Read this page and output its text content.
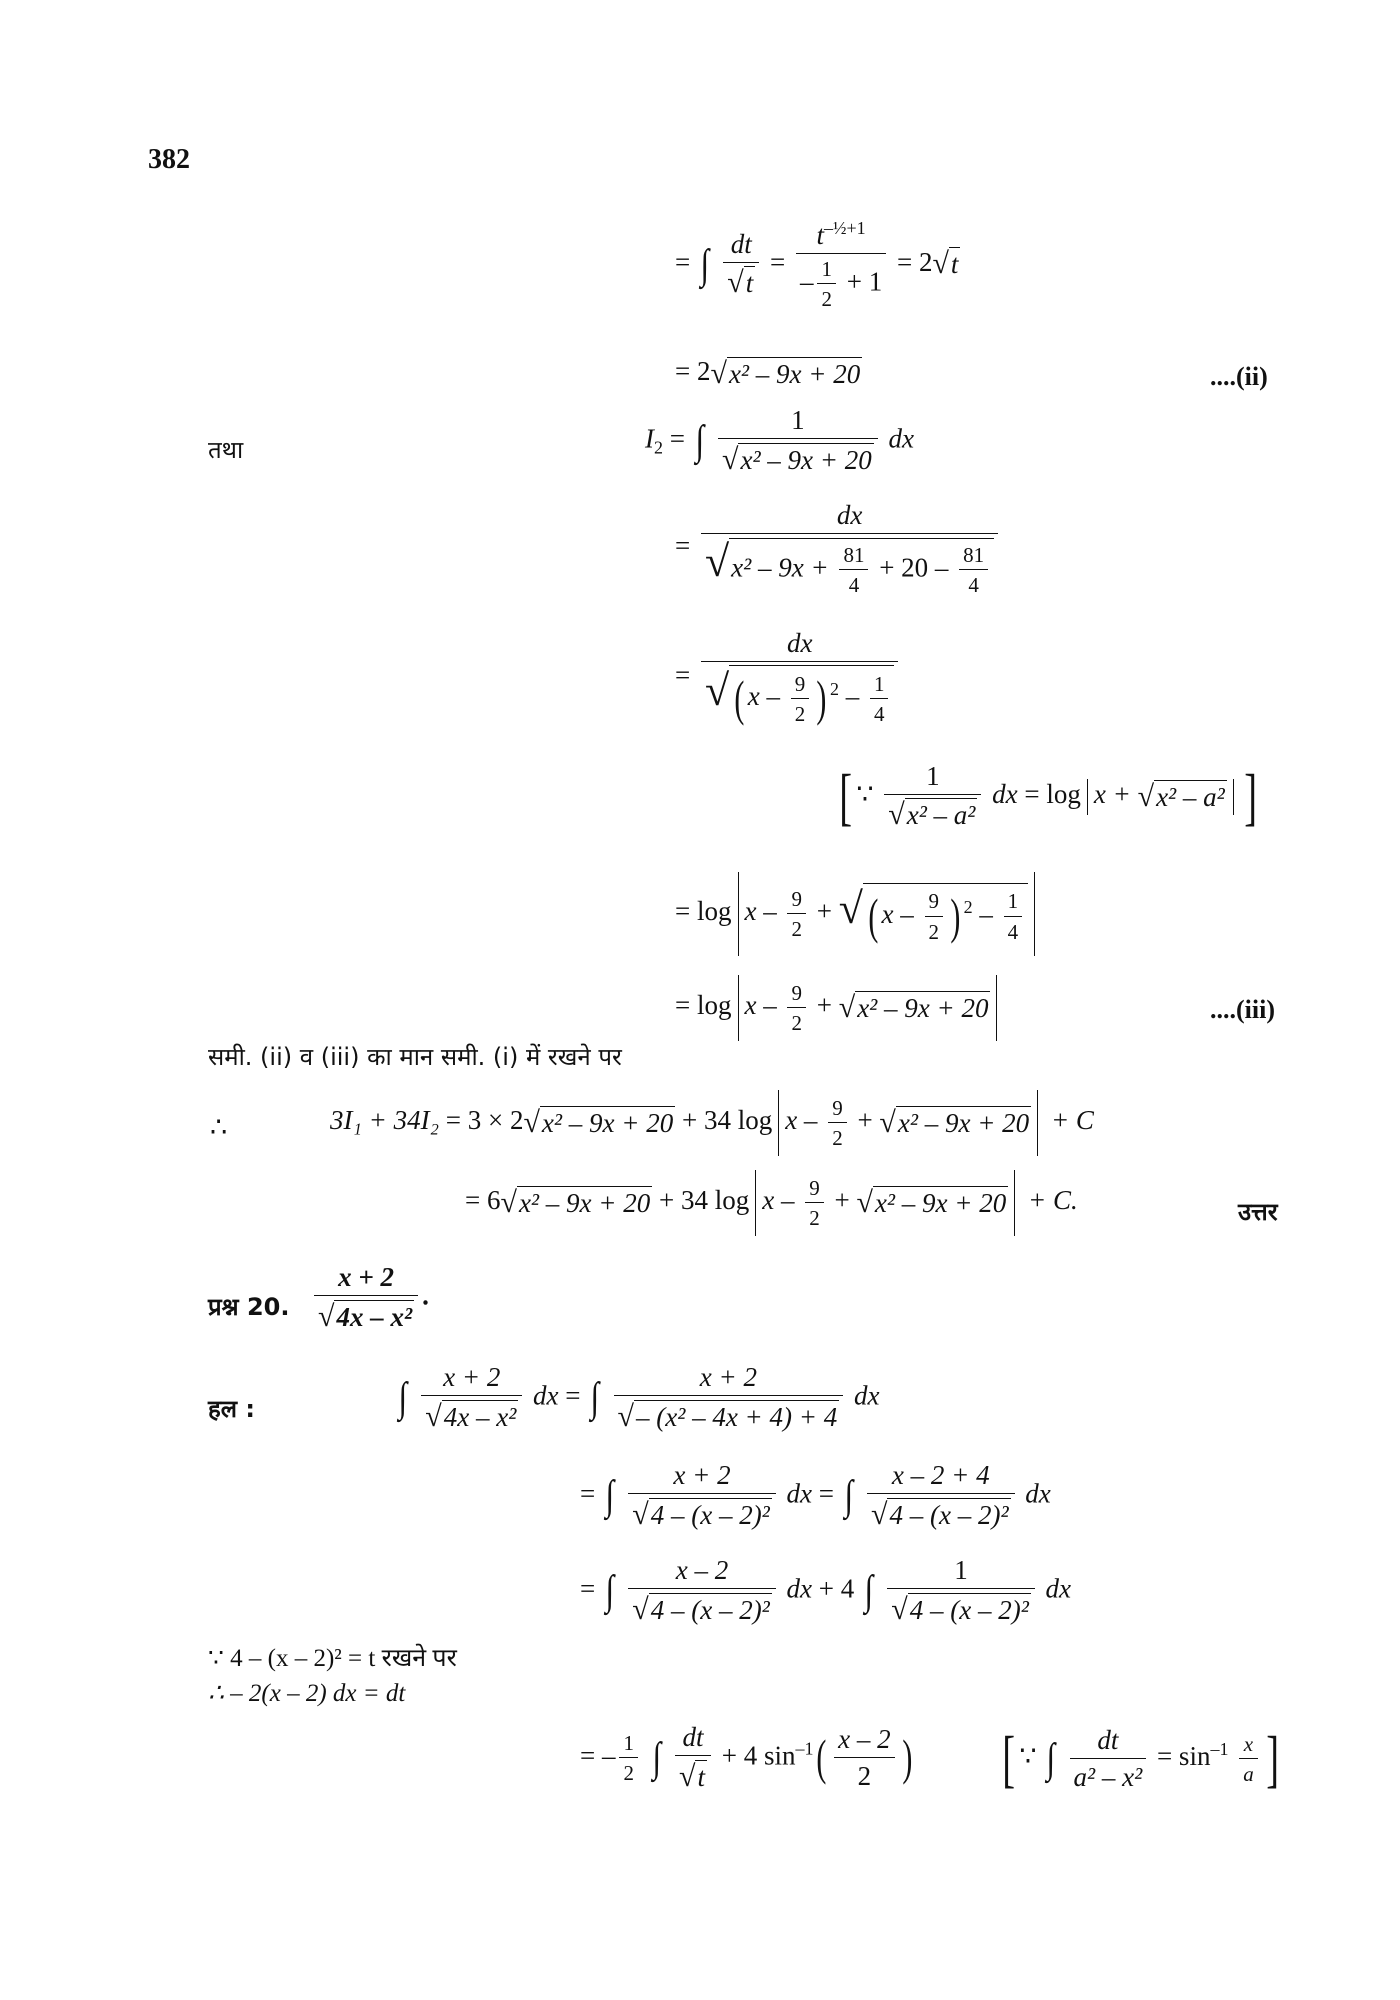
382
= ∫ $\frac{dt}{√t} = \frac{t^{-\frac{1}{2}+1}}{- \frac{1}{2} + 1} = 2√t$
= 2√x² – 9x + 20	....(ii)
तथा	$I_2$ = ∫ $\frac{1}{\text{√x² – 9x + 20}}$ dx
= $\frac{dx}{√x^2 - 9x + \frac{81}{4} + 20 - \frac{81}{4}}$
= $\frac{dx}{√ ( x - \frac{9}{2} ) ^2 - \frac{1}{4}}$
[ ∵ $\frac{1}{\text{√x² – a²}}$ dx = log x + √x² – a² ]
= log x – $\frac{9}{2}$ + √ ( x – $\frac{9}{2}$ ) $^2 - \frac{1}{4}$
= $\log x - \frac{9}{2} + √x^2 - 9x + 20$	....(iii)
समी. (ii) व (iii) का मान समी. (i) में रखने पर
∴	3I₁ + 34I₂ = 3 × 2√x² – 9x + 20 + 34 $\log x - \frac{9}{2} + √x^2 - 9x + 20 + C$
= 6√x² – 9x + 20 + 34 $\log x - \frac{9}{2} + √x^2 - 9x + 20 + C$.	उत्तर
प्रश्न 20. $\frac{x + 2}{\text{√4x – x²}}$ .
हल :	∫ $\frac{x + 2}{\text{√4x – x²}}$ dx = ∫ $\frac{x + 2}{\text{√– (x² – 4x + 4) + 4}}$ dx
= ∫ $\frac{x + 2}{\text{√4 – (x – 2)²}}$ dx = ∫ $\frac{x - 2 + 4}{\text{√4 – (x – 2)²}}$ dx
= ∫ $\frac{x - 2}{\text{√4 – (x – 2)²}}$ dx + 4 ∫ $\frac{1}{\text{√4 – (x – 2)²}}$ dx
∵ 4 – (x – 2)² = t रखने पर
∴ – 2(x – 2) dx = dt
= – $\frac{1}{2}$ ∫ $\frac{dt}{√t} + 4$ $\sin^{-1}( \frac{x - 2}{2}$ ) [ ∵ ∫ $\frac{dt}{\text{a² – x²}} = \sin^{-1} \frac{x}{a}$ ]
